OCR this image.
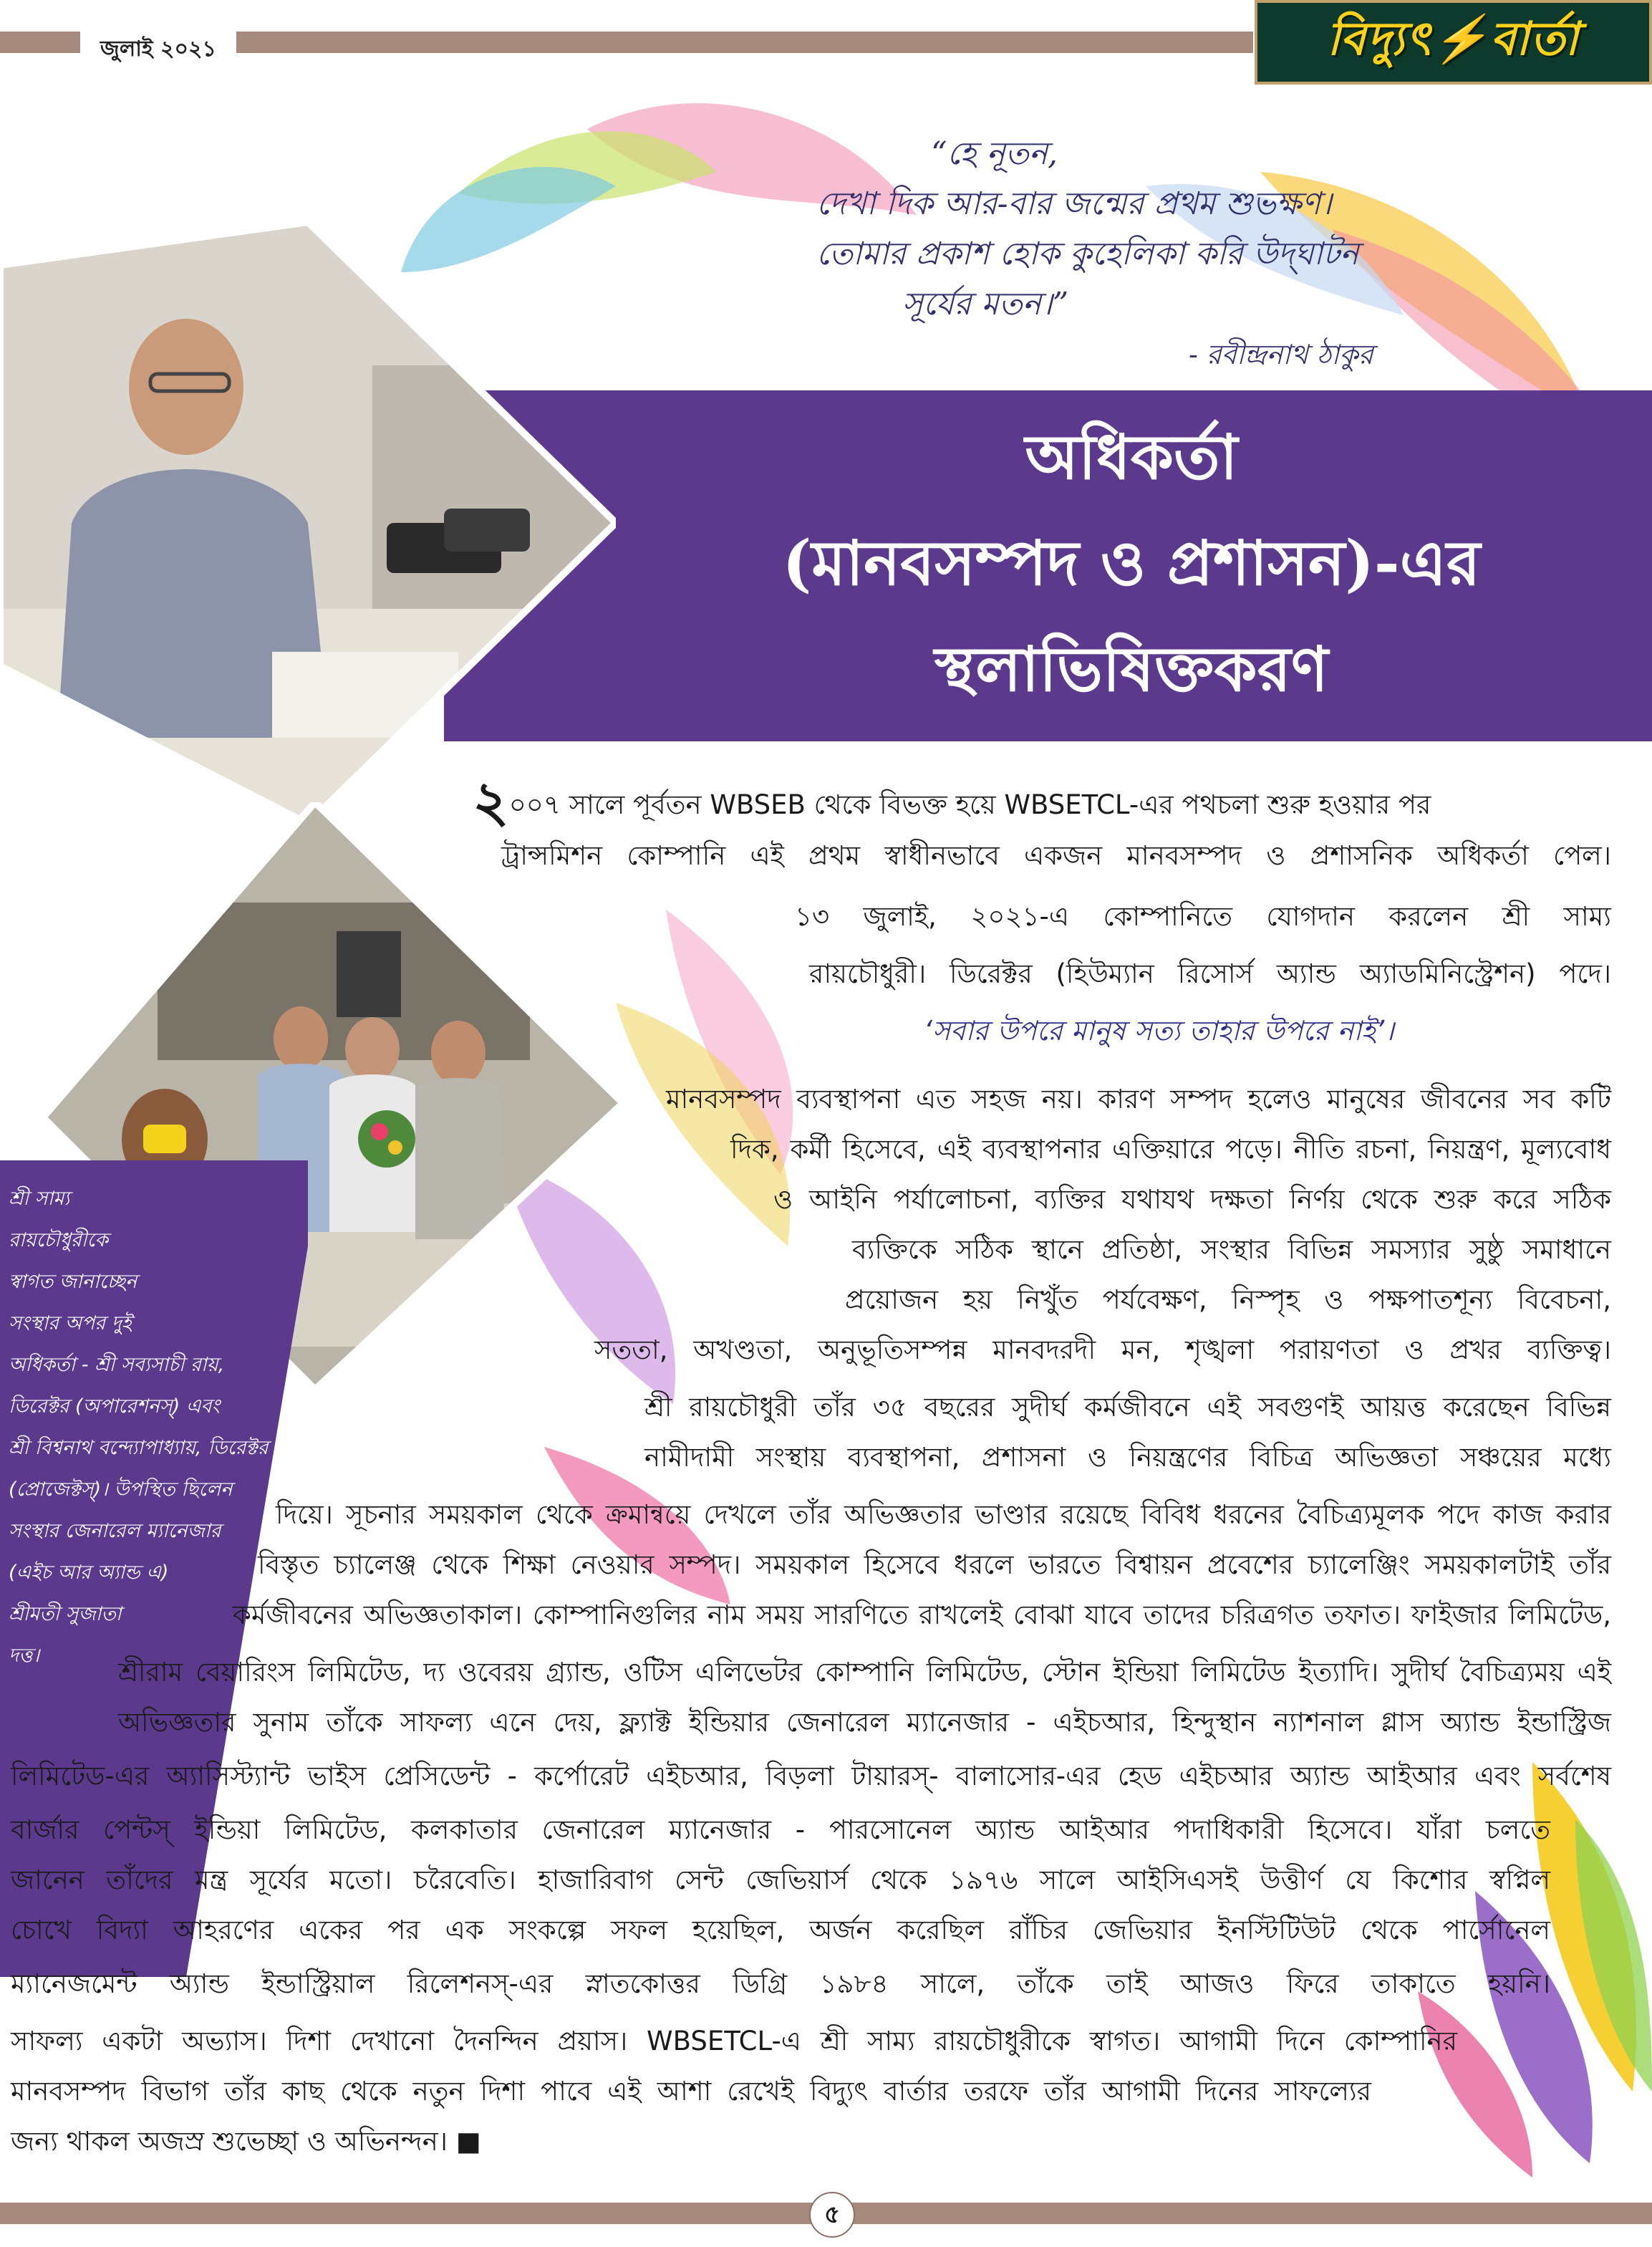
জুলাই ২০২১	বিদ্যুৎ⚡বার্তা
“হে নূতন,
দেখা দিক আর-বার জন্মের প্রথম শুভক্ষণ।
তোমার প্রকাশ হোক কুহেলিকা করি উদ্‌ঘাটন
সূর্যের মতন।”
- রবীন্দ্রনাথ ঠাকুর
অধিকর্তা
(মানবসম্পদ ও প্রশাসন)-এর
স্থলাভিষিক্তকরণ
শ্রী সাম্য
রায়চৌধুরীকে
স্বাগত জানাচ্ছেন
সংস্থার অপর দুই
অধিকর্তা - শ্রী সব্যসাচী রায়,
ডিরেক্টর (অপারেশনস্) এবং
শ্রী বিশ্বনাথ বন্দ্যোপাধ্যায়, ডিরেক্টর
(প্রোজেক্টস্)। উপস্থিত ছিলেন
সংস্থার জেনারেল ম্যানেজার
(এইচ আর অ্যান্ড এ)
শ্রীমতী সুজাতা
দত্ত।
২০০৭ সালে পূর্বতন WBSEB থেকে বিভক্ত হয়ে WBSETCL-এর পথচলা শুরু হওয়ার পর
ট্রান্সমিশন কোম্পানি এই প্রথম স্বাধীনভাবে একজন মানবসম্পদ ও প্রশাসনিক অধিকর্তা পেল।
১৩ জুলাই, ২০২১-এ কোম্পানিতে যোগদান করলেন শ্রী সাম্য
রায়চৌধুরী। ডিরেক্টর (হিউম্যান রিসোর্স অ্যান্ড অ্যাডমিনিস্ট্রেশন) পদে।
‘সবার উপরে মানুষ সত্য তাহার উপরে নাই’।
মানবসম্পদ ব্যবস্থাপনা এত সহজ নয়। কারণ সম্পদ হলেও মানুষের জীবনের সব কটি
দিক, কর্মী হিসেবে, এই ব্যবস্থাপনার এক্তিয়ারে পড়ে। নীতি রচনা, নিয়ন্ত্রণ, মূল্যবোধ
ও আইনি পর্যালোচনা, ব্যক্তির যথাযথ দক্ষতা নির্ণয় থেকে শুরু করে সঠিক
ব্যক্তিকে সঠিক স্থানে প্রতিষ্ঠা, সংস্থার বিভিন্ন সমস্যার সুষ্ঠু সমাধানে
প্রয়োজন হয় নিখুঁত পর্যবেক্ষণ, নিস্পৃহ ও পক্ষপাতশূন্য বিবেচনা,
সততা, অখণ্ডতা, অনুভূতিসম্পন্ন মানবদরদী মন, শৃঙ্খলা পরায়ণতা ও প্রখর ব্যক্তিত্ব।
শ্রী রায়চৌধুরী তাঁর ৩৫ বছরের সুদীর্ঘ কর্মজীবনে এই সবগুণই আয়ত্ত করেছেন বিভিন্ন
নামীদামী সংস্থায় ব্যবস্থাপনা, প্রশাসনা ও নিয়ন্ত্রণের বিচিত্র অভিজ্ঞতা সঞ্চয়ের মধ্যে
দিয়ে। সূচনার সময়কাল থেকে ক্রমান্বয়ে দেখলে তাঁর অভিজ্ঞতার ভাণ্ডার রয়েছে বিবিধ ধরনের বৈচিত্র্যমূলক পদে কাজ করার
বিস্তৃত চ্যালেঞ্জ থেকে শিক্ষা নেওয়ার সম্পদ। সময়কাল হিসেবে ধরলে ভারতে বিশ্বায়ন প্রবেশের চ্যালেঞ্জিং সময়কালটাই তাঁর
কর্মজীবনের অভিজ্ঞতাকাল। কোম্পানিগুলির নাম সময় সারণিতে রাখলেই বোঝা যাবে তাদের চরিত্রগত তফাত। ফাইজার লিমিটেড,
শ্রীরাম বেয়ারিংস লিমিটেড, দ্য ওবেরয় গ্র্যান্ড, ওটিস এলিভেটর কোম্পানি লিমিটেড, স্টোন ইন্ডিয়া লিমিটেড ইত্যাদি। সুদীর্ঘ বৈচিত্র্যময় এই
অভিজ্ঞতার সুনাম তাঁকে সাফল্য এনে দেয়, ফ্ল্যাক্ট ইন্ডিয়ার জেনারেল ম্যানেজার - এইচআর, হিন্দুস্থান ন্যাশনাল গ্লাস অ্যান্ড ইন্ডাস্ট্রিজ
লিমিটেড-এর অ্যাসিস্ট্যান্ট ভাইস প্রেসিডেন্ট - কর্পোরেট এইচআর, বিড়লা টায়ারস্- বালাসোর-এর হেড এইচআর অ্যান্ড আইআর এবং সর্বশেষ
বার্জার পেন্টস্ ইন্ডিয়া লিমিটেড, কলকাতার জেনারেল ম্যানেজার - পারসোনেল অ্যান্ড আইআর পদাধিকারী হিসেবে। যাঁরা চলতে
জানেন তাঁদের মন্ত্র সূর্যের মতো। চরৈবেতি। হাজারিবাগ সেন্ট জেভিয়ার্স থেকে ১৯৭৬ সালে আইসিএসই উত্তীর্ণ যে কিশোর স্বপ্নিল
চোখে বিদ্যা আহরণের একের পর এক সংকল্পে সফল হয়েছিল, অর্জন করেছিল রাঁচির জেভিয়ার ইনস্টিটিউট থেকে পার্সোনেল
ম্যানেজমেন্ট অ্যান্ড ইন্ডাস্ট্রিয়াল রিলেশনস্-এর স্নাতকোত্তর ডিগ্রি ১৯৮৪ সালে, তাঁকে তাই আজও ফিরে তাকাতে হয়নি।
সাফল্য একটা অভ্যাস। দিশা দেখানো দৈনন্দিন প্রয়াস। WBSETCL-এ শ্রী সাম্য রায়চৌধুরীকে স্বাগত। আগামী দিনে কোম্পানির
মানবসম্পদ বিভাগ তাঁর কাছ থেকে নতুন দিশা পাবে এই আশা রেখেই বিদ্যুৎ বার্তার তরফে তাঁর আগামী দিনের সাফল্যের
জন্য থাকল অজস্র শুভেচ্ছা ও অভিনন্দন। ■
৫
